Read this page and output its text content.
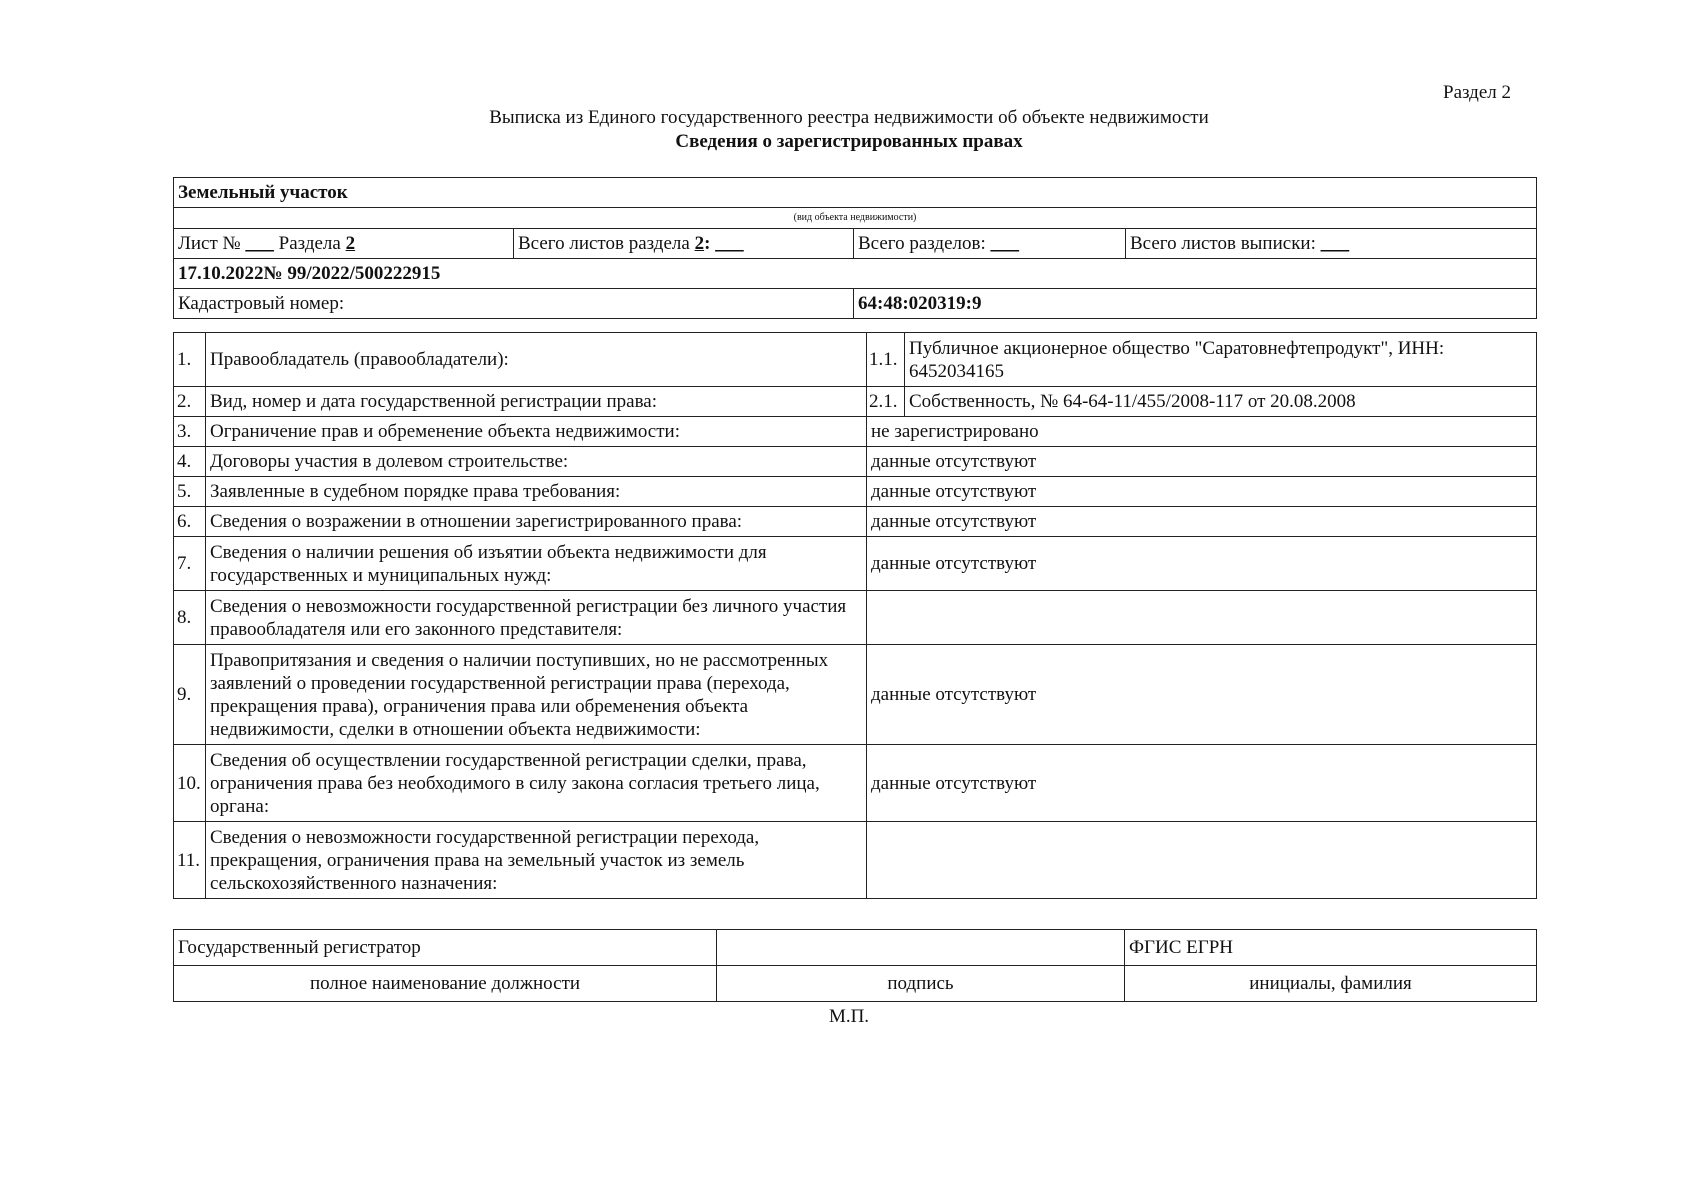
Раздел 2
Выписка из Единого государственного реестра недвижимости об объекте недвижимости
Сведения о зарегистрированных правах
Земельный участок			
(вид объекта недвижимости)			
Лист № ___ Раздела 2	Всего листов раздела 2: ___	Всего разделов: ___	Всего листов выписки: ___
17.10.2022№ 99/2022/500222915			
Кадастровый номер:		64:48:020319:9	
1.	Правообладатель (правообладатели):	1.1.	Публичное акционерное общество "Саратовнефтепродукт", ИНН: 6452034165
2.	Вид, номер и дата государственной регистрации права:	2.1.	Собственность, № 64-64-11/455/2008-117 от 20.08.2008
3.	Ограничение прав и обременение объекта недвижимости:	не зарегистрировано	
4.	Договоры участия в долевом строительстве:	данные отсутствуют	
5.	Заявленные в судебном порядке права требования:	данные отсутствуют	
6.	Сведения о возражении в отношении зарегистрированного права:	данные отсутствуют	
7.	Сведения о наличии решения об изъятии объекта недвижимости для государственных и муниципальных нужд:	данные отсутствуют	
8.	Сведения о невозможности государственной регистрации без личного участия правообладателя или его законного представителя:		
9.	Правопритязания и сведения о наличии поступивших, но не рассмотренных заявлений о проведении государственной регистрации права (перехода, прекращения права), ограничения права или обременения объекта недвижимости, сделки в отношении объекта недвижимости:	данные отсутствуют	
10.	Сведения об осуществлении государственной регистрации сделки, права, ограничения права без необходимого в силу закона согласия третьего лица, органа:	данные отсутствуют	
11.	Сведения о невозможности государственной регистрации перехода, прекращения, ограничения права на земельный участок из земель сельскохозяйственного назначения:		
Государственный регистратор		ФГИС ЕГРН
полное наименование должности	подпись	инициалы, фамилия
М.П.
